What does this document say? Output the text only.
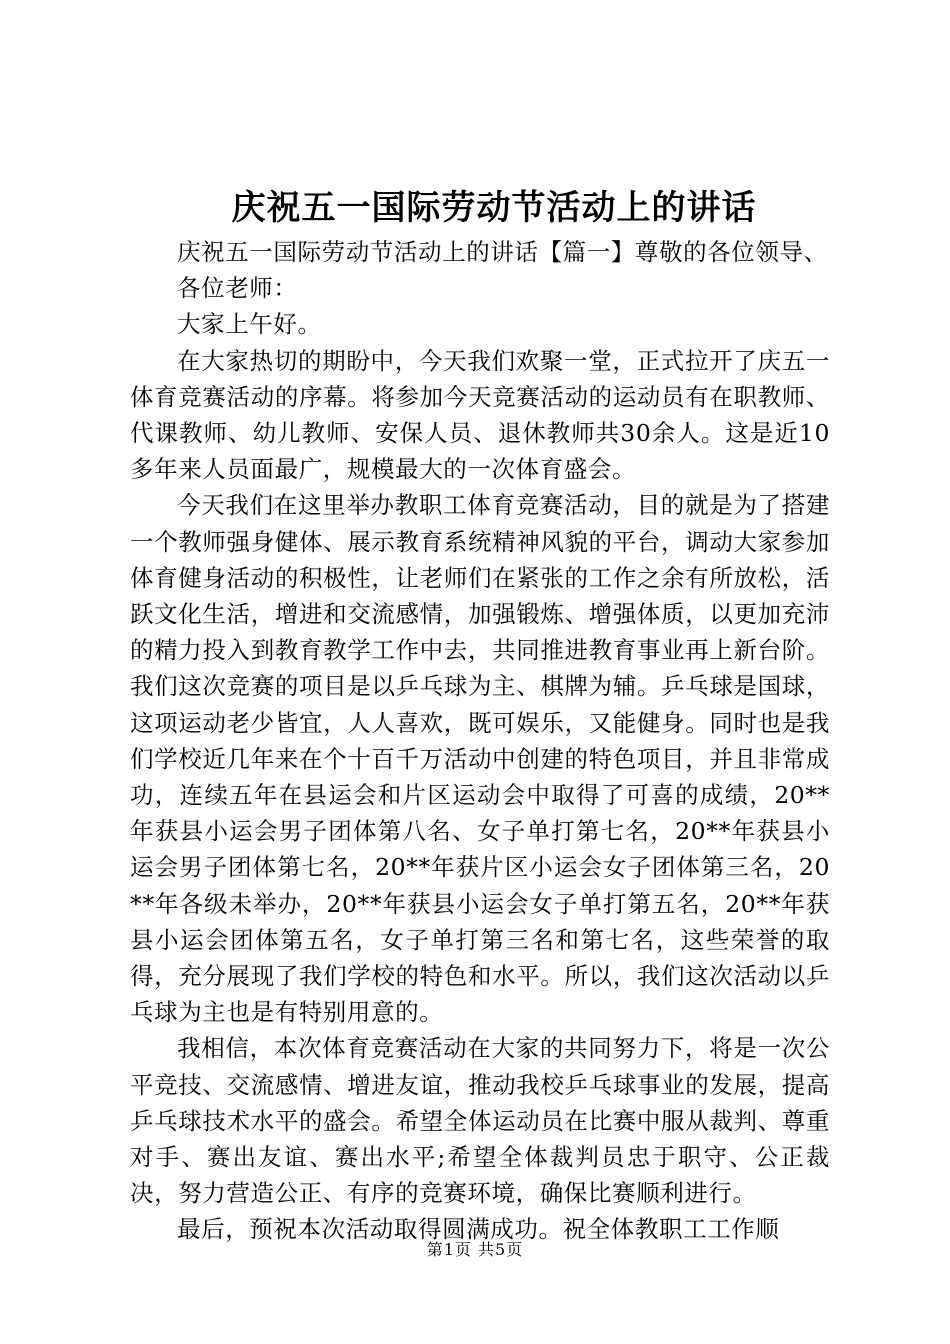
庆祝五一国际劳动节活动上的讲话

庆祝五一国际劳动节活动上的讲话【篇一】尊敬的各位领导、

各位老师：

大家上午好。

在大家热切的期盼中，今天我们欢聚一堂，正式拉开了庆五一体育竞赛活动的序幕。将参加今天竞赛活动的运动员有在职教师、代课教师、幼儿教师、安保人员、退休教师共30余人。这是近10多年来人员面最广，规模最大的一次体育盛会。

今天我们在这里举办教职工体育竞赛活动，目的就是为了搭建一个教师强身健体、展示教育系统精神风貌的平台，调动大家参加体育健身活动的积极性，让老师们在紧张的工作之余有所放松，活跃文化生活，增进和交流感情，加强锻炼、增强体质，以更加充沛的精力投入到教育教学工作中去，共同推进教育事业再上新台阶。我们这次竞赛的项目是以乒乓球为主、棋牌为辅。乒乓球是国球，这项运动老少皆宜，人人喜欢，既可娱乐，又能健身。同时也是我们学校近几年来在个十百千万活动中创建的特色项目，并且非常成功，连续五年在县运会和片区运动会中取得了可喜的成绩，20**年获县小运会男子团体第八名、女子单打第七名，20**年获县小运会男子团体第七名，20**年获片区小运会女子团体第三名，20**年各级未举办，20**年获县小运会女子单打第五名，20**年获县小运会团体第五名，女子单打第三名和第七名，这些荣誉的取得，充分展现了我们学校的特色和水平。所以，我们这次活动以乒乓球为主也是有特别用意的。

我相信，本次体育竞赛活动在大家的共同努力下，将是一次公平竞技、交流感情、增进友谊，推动我校乒乓球事业的发展，提高乒乓球技术水平的盛会。希望全体运动员在比赛中服从裁判、尊重对手、赛出友谊、赛出水平;希望全体裁判员忠于职守、公正裁决，努力营造公正、有序的竞赛环境，确保比赛顺利进行。

最后，预祝本次活动取得圆满成功。祝全体教职工工作顺

第1页 共5页
